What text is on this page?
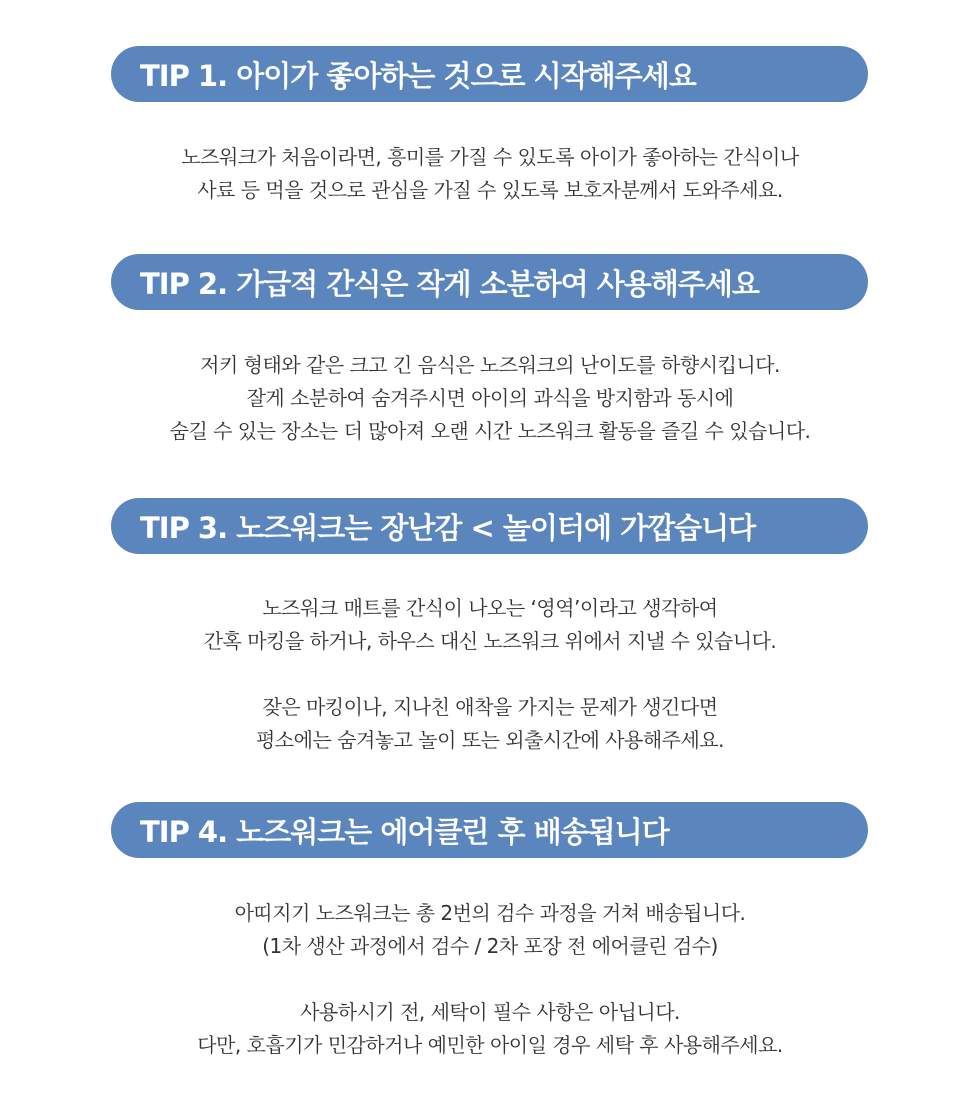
TIP 1. 아이가 좋아하는 것으로 시작해주세요

노즈워크가 처음이라면, 흥미를 가질 수 있도록 아이가 좋아하는 간식이나

사료 등 먹을 것으로 관심을 가질 수 있도록 보호자분께서 도와주세요.

TIP 2. 가급적 간식은 작게 소분하여 사용해주세요

저키 형태와 같은 크고 긴 음식은 노즈워크의 난이도를 하향시킵니다.

잘게 소분하여 숨겨주시면 아이의 과식을 방지함과 동시에

숨길 수 있는 장소는 더 많아져 오랜 시간 노즈워크 활동을 즐길 수 있습니다.

TIP 3. 노즈워크는 장난감 < 놀이터에 가깝습니다

노즈워크 매트를 간식이 나오는 ‘영역’이라고 생각하여

간혹 마킹을 하거나, 하우스 대신 노즈워크 위에서 지낼 수 있습니다.

잦은 마킹이나, 지나친 애착을 가지는 문제가 생긴다면

평소에는 숨겨놓고 놀이 또는 외출시간에 사용해주세요.

TIP 4. 노즈워크는 에어클린 후 배송됩니다

아띠지기 노즈워크는 총 2번의 검수 과정을 거쳐 배송됩니다.

(1차 생산 과정에서 검수 / 2차 포장 전 에어클린 검수)

사용하시기 전, 세탁이 필수 사항은 아닙니다.

다만, 호흡기가 민감하거나 예민한 아이일 경우 세탁 후 사용해주세요.
